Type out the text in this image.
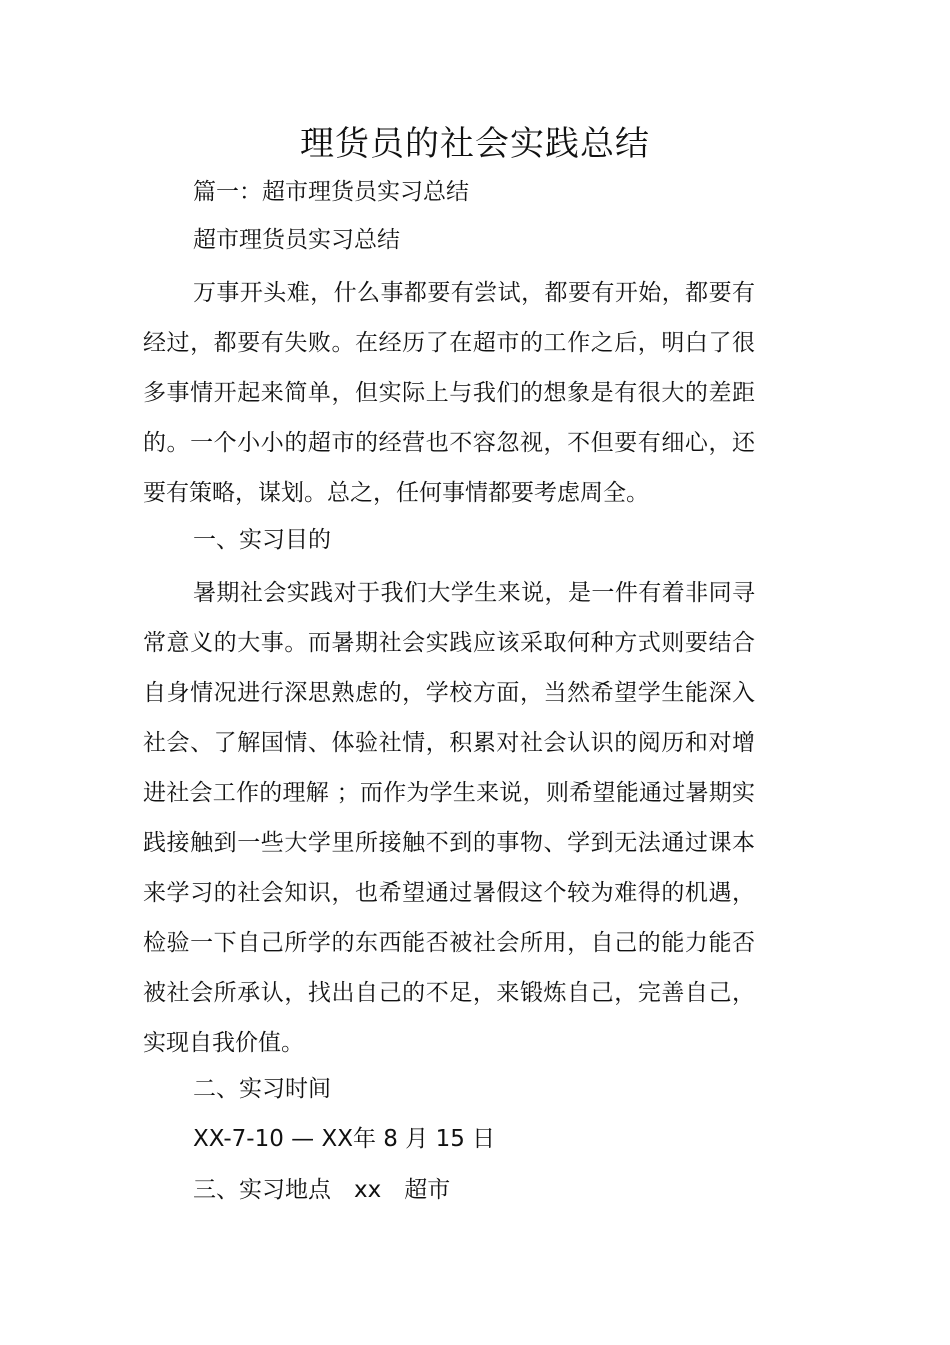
理货员的社会实践总结

篇一：超市理货员实习总结

超市理货员实习总结

万事开头难，什么事都要有尝试，都要有开始，都要有经过，都要有失败。在经历了在超市的工作之后，明白了很多事情开起来简单，但实际上与我们的想象是有很大的差距的。一个小小的超市的经营也不容忽视，不但要有细心，还要有策略，谋划。总之，任何事情都要考虑周全。

一、实习目的

暑期社会实践对于我们大学生来说，是一件有着非同寻常意义的大事。而暑期社会实践应该采取何种方式则要结合自身情况进行深思熟虑的，学校方面，当然希望学生能深入社会、了解国情、体验社情，积累对社会认识的阅历和对增进社会工作的理解 ；而作为学生来说，则希望能通过暑期实践接触到一些大学里所接触不到的事物、学到无法通过课本来学习的社会知识，也希望通过暑假这个较为难得的机遇，检验一下自己所学的东西能否被社会所用，自己的能力能否被社会所承认，找出自己的不足，来锻炼自己，完善自己，实现自我价值。

二、实习时间

XX-7-10 — XX年 8 月 15 日

三、实习地点　xx　超市
